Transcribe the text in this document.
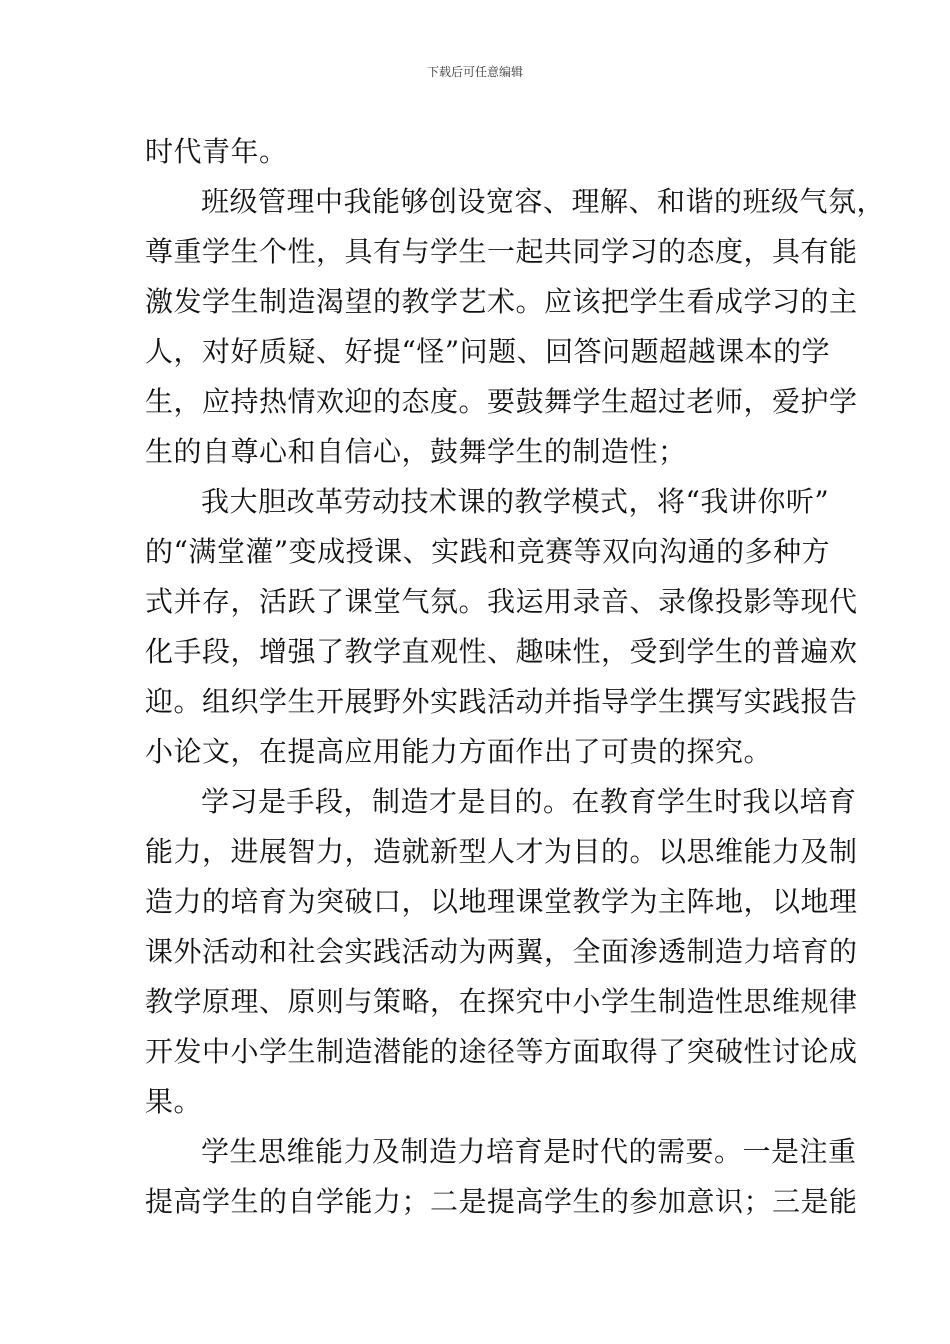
下载后可任意编辑
时代青年。
班级管理中我能够创设宽容、理解、和谐的班级气氛，
尊重学生个性，具有与学生一起共同学习的态度，具有能
激发学生制造渴望的教学艺术。应该把学生看成学习的主
人，对好质疑、好提“怪”问题、回答问题超越课本的学
生，应持热情欢迎的态度。要鼓舞学生超过老师，爱护学
生的自尊心和自信心，鼓舞学生的制造性；
我大胆改革劳动技术课的教学模式，将“我讲你听”
的“满堂灌”变成授课、实践和竞赛等双向沟通的多种方
式并存，活跃了课堂气氛。我运用录音、录像投影等现代
化手段，增强了教学直观性、趣味性，受到学生的普遍欢
迎。组织学生开展野外实践活动并指导学生撰写实践报告
小论文，在提高应用能力方面作出了可贵的探究。
学习是手段，制造才是目的。在教育学生时我以培育
能力，进展智力，造就新型人才为目的。以思维能力及制
造力的培育为突破口，以地理课堂教学为主阵地，以地理
课外活动和社会实践活动为两翼，全面渗透制造力培育的
教学原理、原则与策略，在探究中小学生制造性思维规律
开发中小学生制造潜能的途径等方面取得了突破性讨论成
果。
学生思维能力及制造力培育是时代的需要。一是注重
提高学生的自学能力；二是提高学生的参加意识；三是能
